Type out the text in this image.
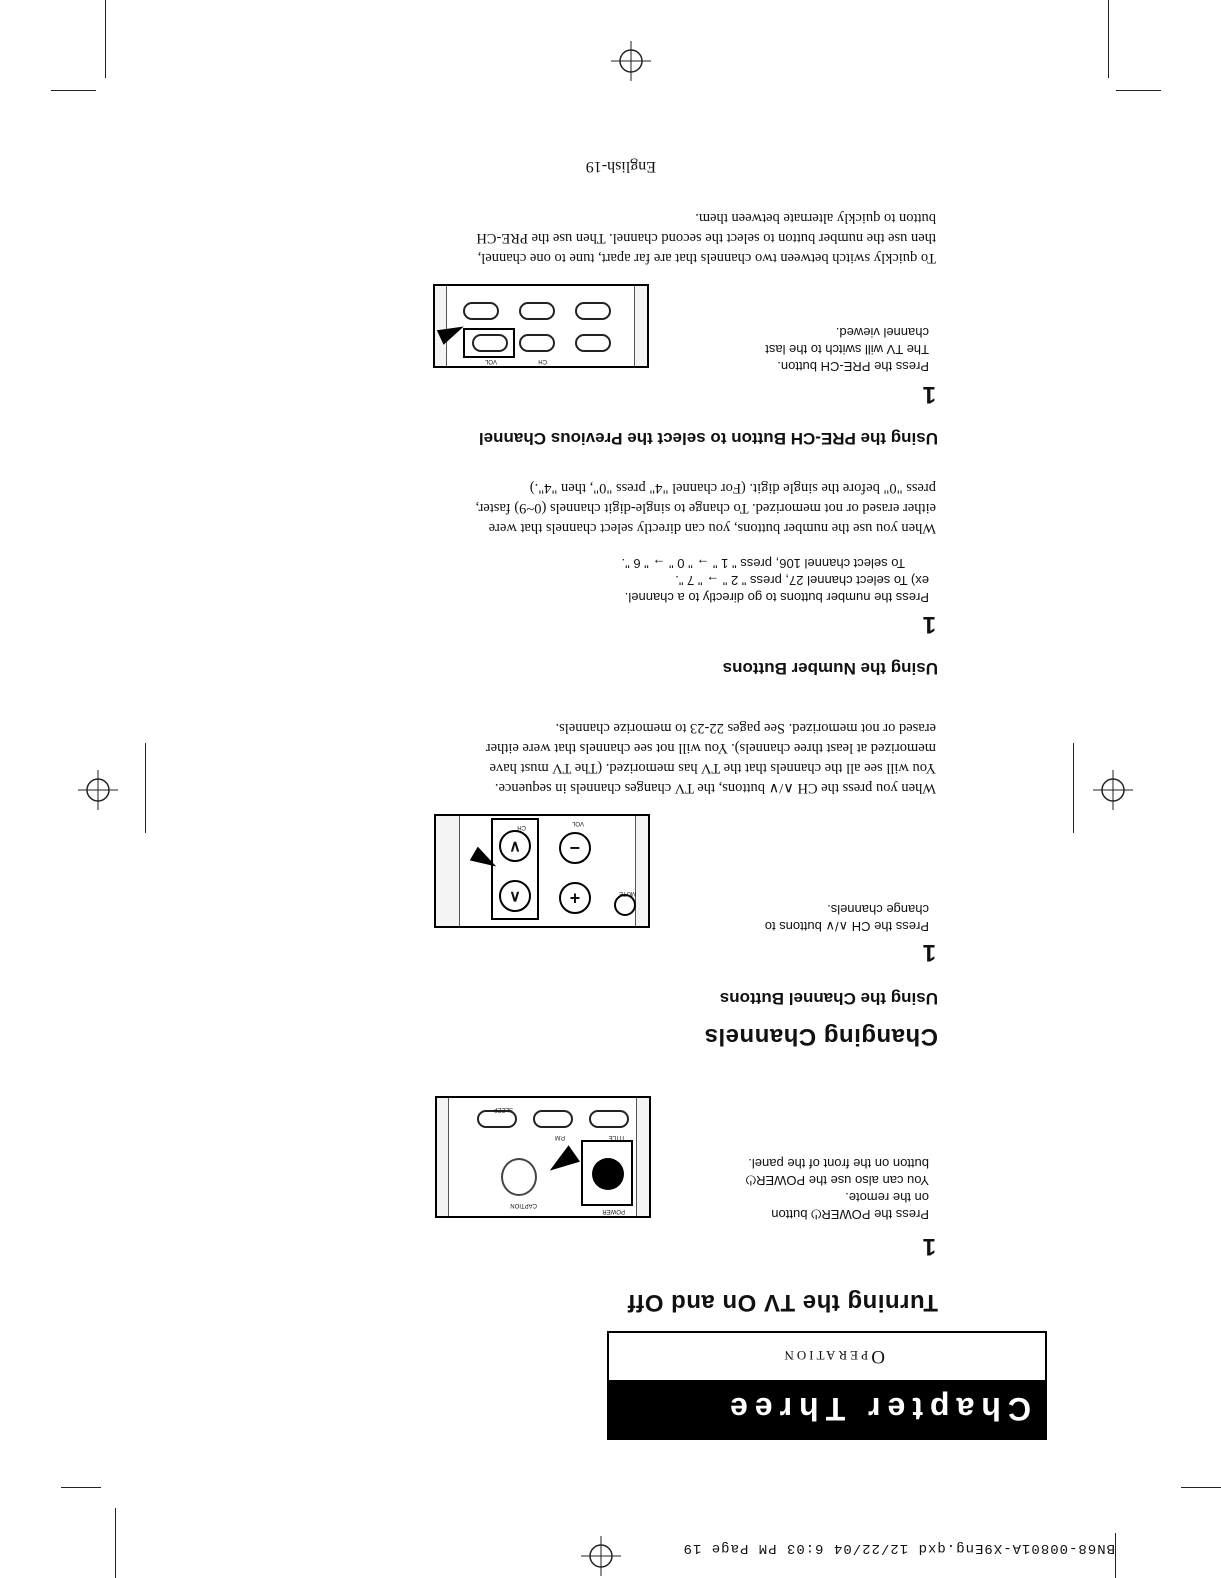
BN68-00801A-X9Eng.qxd 12/22/04 6:03 PM Page 19
Chapter Three
Operation
Turning the TV On and Off
1
Press the POWER⏻ button
on the remote.
You can also use the POWER⏻
button on the front of the panel.
POWER
CAPTION
TITLE
P.M
SLEEP
Changing Channels
Using the Channel Buttons
1
Press the CH ∧/∨ buttons to
change channels.
∧
∨
CH
+
−
VOL
MUTE
When you press the CH ∧/∨ buttons, the TV changes channels in sequence.
You will see all the channels that the TV has memorized. (The TV must have
memorized at least three channels). You will not see channels that were either
erased or not memorized. See pages 22-23 to memorize channels.
Using the Number Buttons
1
Press the number buttons to go directly to a channel.
ex) To select channel 27, press " 2 " → " 7 ".
To select channel 106, press " 1 " → " 0 " → " 6 ".
When you use the number buttons, you can directly select channels that were
either erased or not memorized. To change to single-digit channels (0~9) faster,
press "0" before the single digit. (For channel "4" press "0", then "4".)
Using the PRE-CH Button to select the Previous Channel
1
Press the PRE-CH button.
The TV will switch to the last
channel viewed.
CH
VOL
To quickly switch between two channels that are far apart, tune to one channel,
then use the number button to select the second channel. Then use the PRE-CH
button to quickly alternate between them.
English-19
